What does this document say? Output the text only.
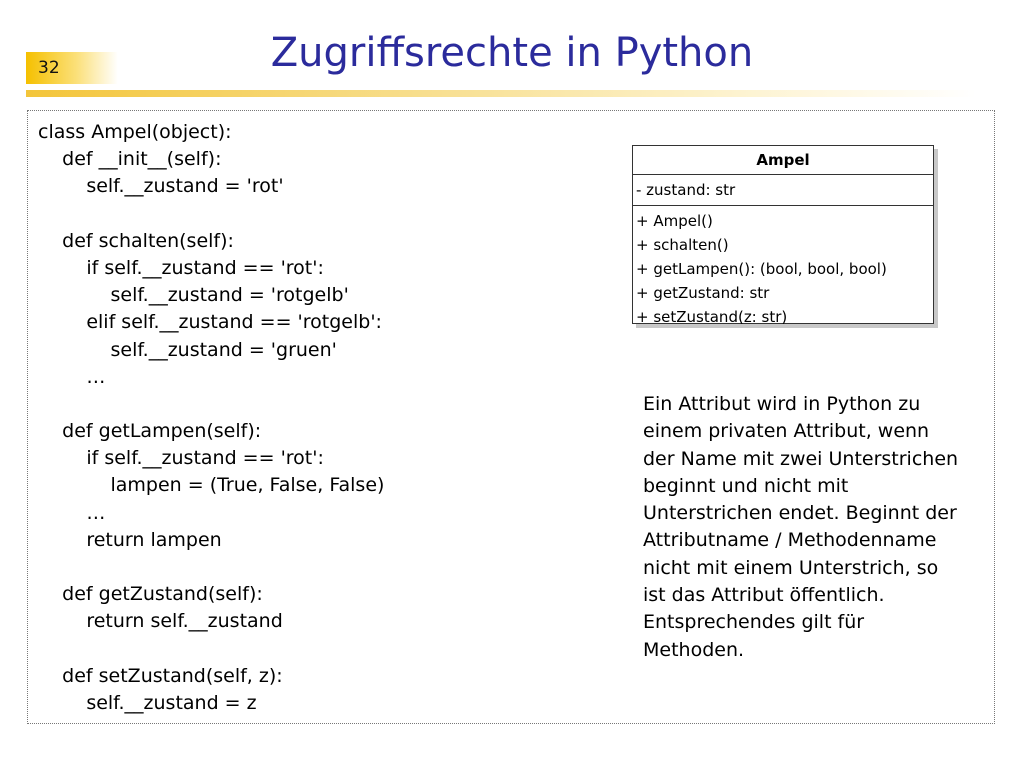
32	Zugriffsrechte in Python
class Ampel(object):
def __init__(self):
self.__zustand = 'rot'
def schalten(self):
if self.__zustand == 'rot':
self.__zustand = 'rotgelb'
elif self.__zustand == 'rotgelb':
self.__zustand = 'gruen'
…
def getLampen(self):
if self.__zustand == 'rot':
lampen = (True, False, False)
…
return lampen
def getZustand(self):
return self.__zustand
def setZustand(self, z):
self.__zustand = z
Ampel
- zustand: str
+ Ampel()
+ schalten()
+ getLampen(): (bool, bool, bool)
+ getZustand: str
+ setZustand(z: str)
Ein Attribut wird in Python zu
einem privaten Attribut, wenn
der Name mit zwei Unterstrichen
beginnt und nicht mit
Unterstrichen endet. Beginnt der
Attributname / Methodenname
nicht mit einem Unterstrich, so
ist das Attribut öffentlich.
Entsprechendes gilt für
Methoden.
